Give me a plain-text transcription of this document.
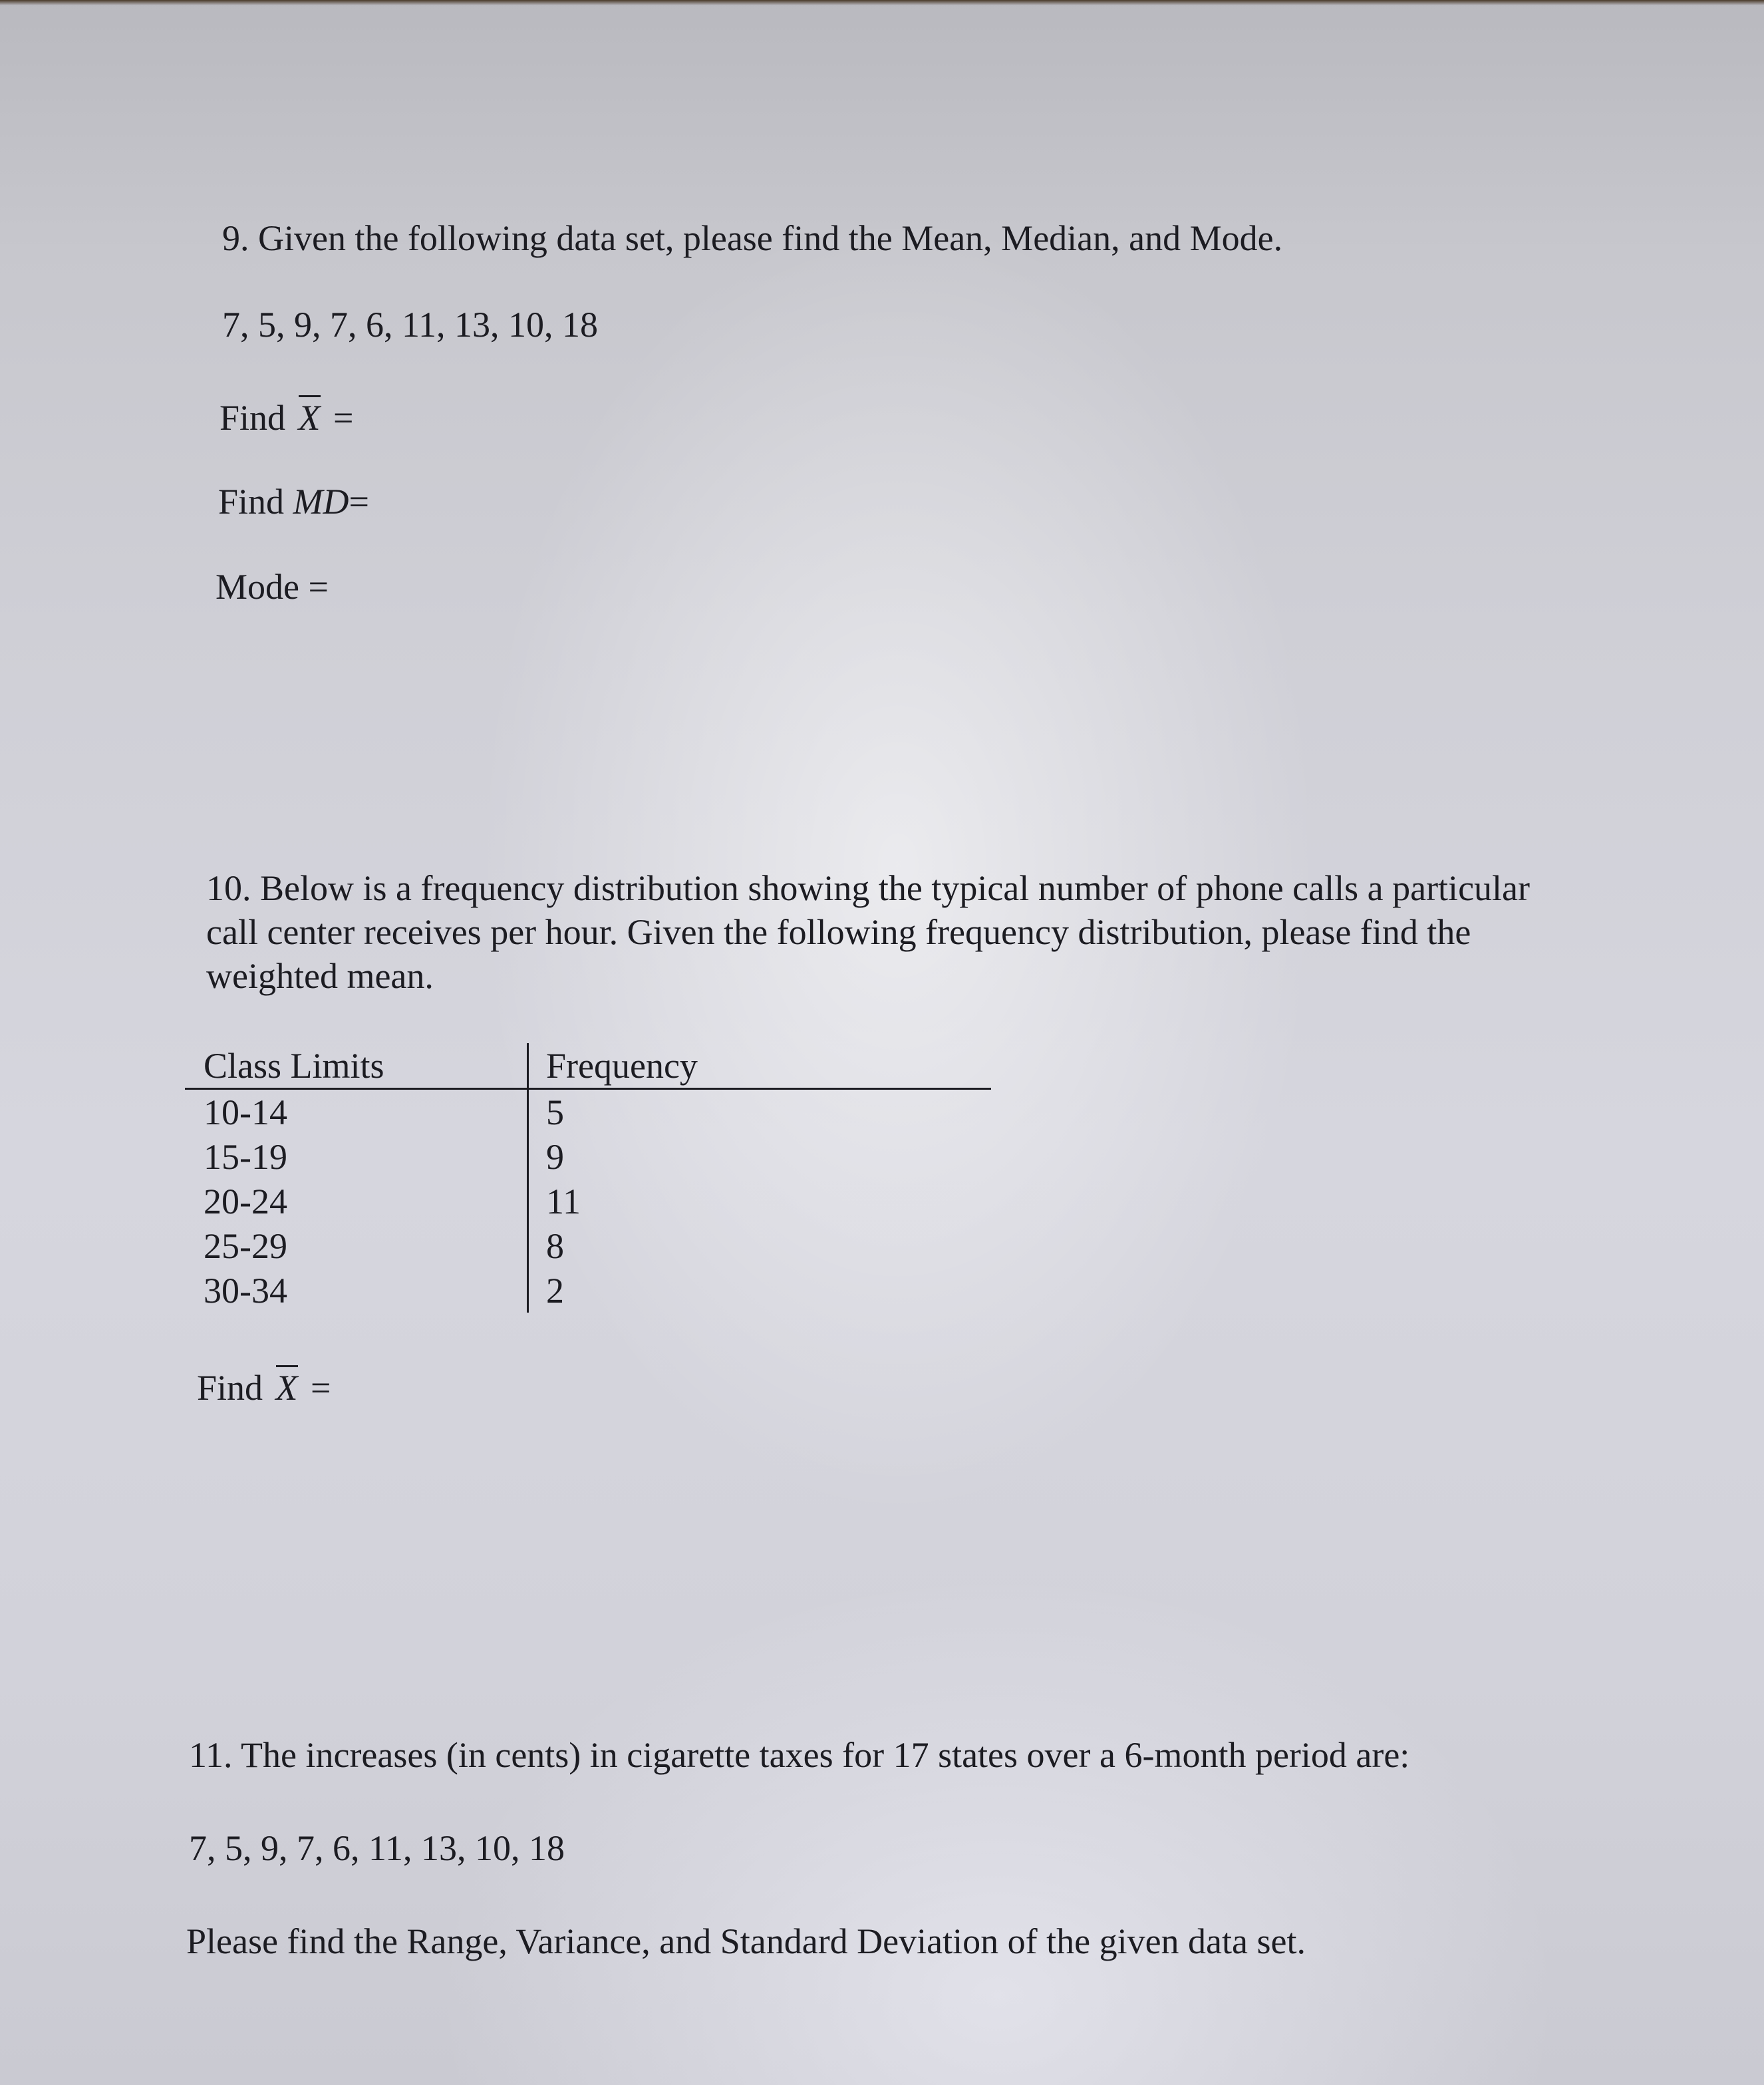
9. Given the following data set, please find the Mean, Median, and Mode.
7, 5, 9, 7, 6, 11, 13, 10, 18
Find X =
Find MD=
Mode =
10. Below is a frequency distribution showing the typical number of phone calls a particular call center receives per hour. Given the following frequency distribution, please find the weighted mean.
Class Limits	Frequency
10-14	5
15-19	9
20-24	11
25-29	8
30-34	2
Find X =
11. The increases (in cents) in cigarette taxes for 17 states over a 6-month period are:
7, 5, 9, 7, 6, 11, 13, 10, 18
Please find the Range, Variance, and Standard Deviation of the given data set.
